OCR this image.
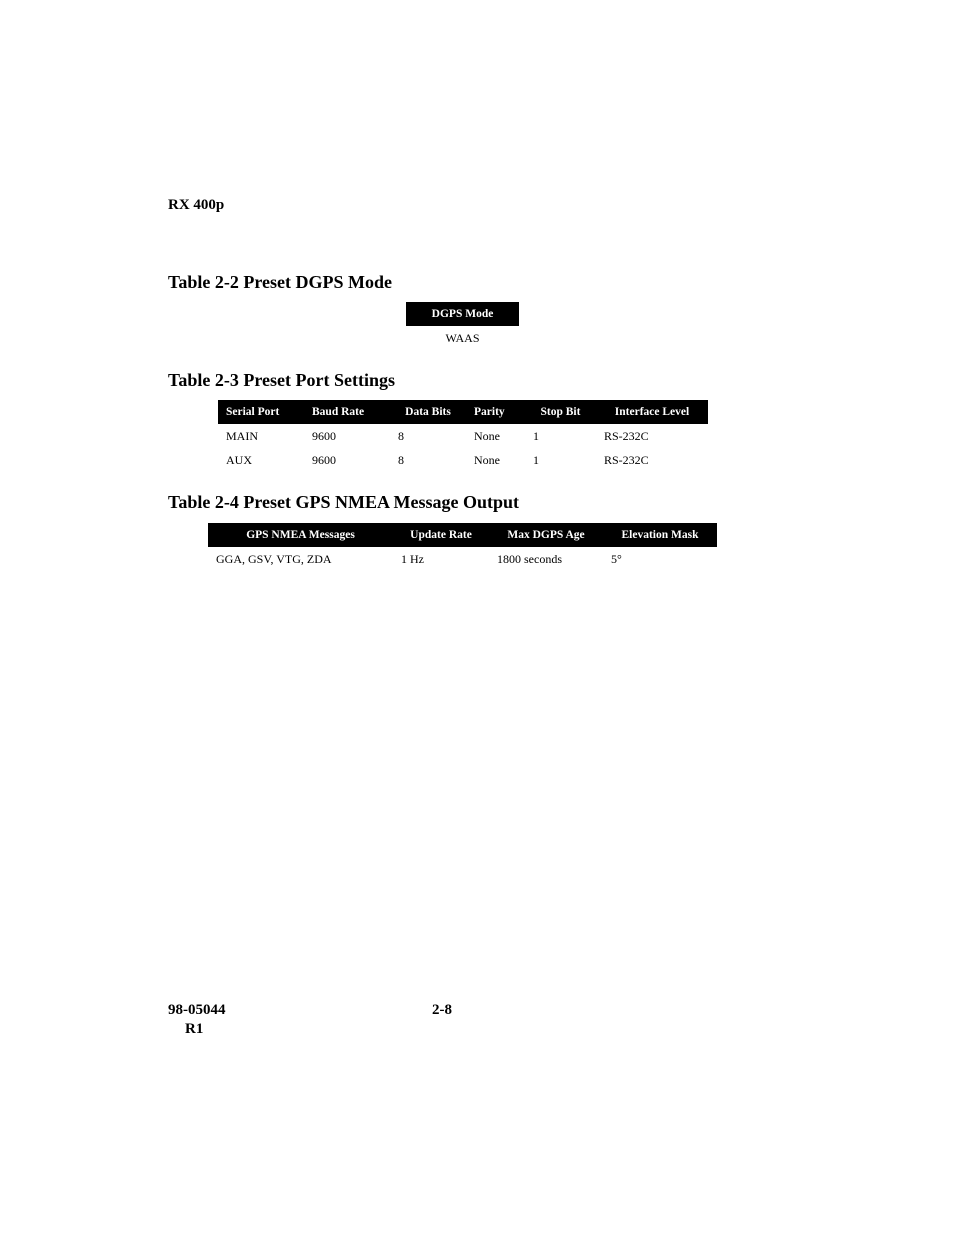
RX 400p
Table 2-2 Preset DGPS Mode
DGPS Mode
WAAS
Table 2-3 Preset Port Settings
Serial Port	Baud Rate	Data Bits	Parity	Stop Bit	Interface Level
MAIN	9600	8	None	1	RS-232C
AUX	9600	8	None	1	RS-232C
Table 2-4 Preset GPS NMEA Message Output
GPS NMEA Messages	Update Rate	Max DGPS Age	Elevation Mask
GGA, GSV, VTG, ZDA	1 Hz	1800 seconds	5°
98-05044
R1
2-8
